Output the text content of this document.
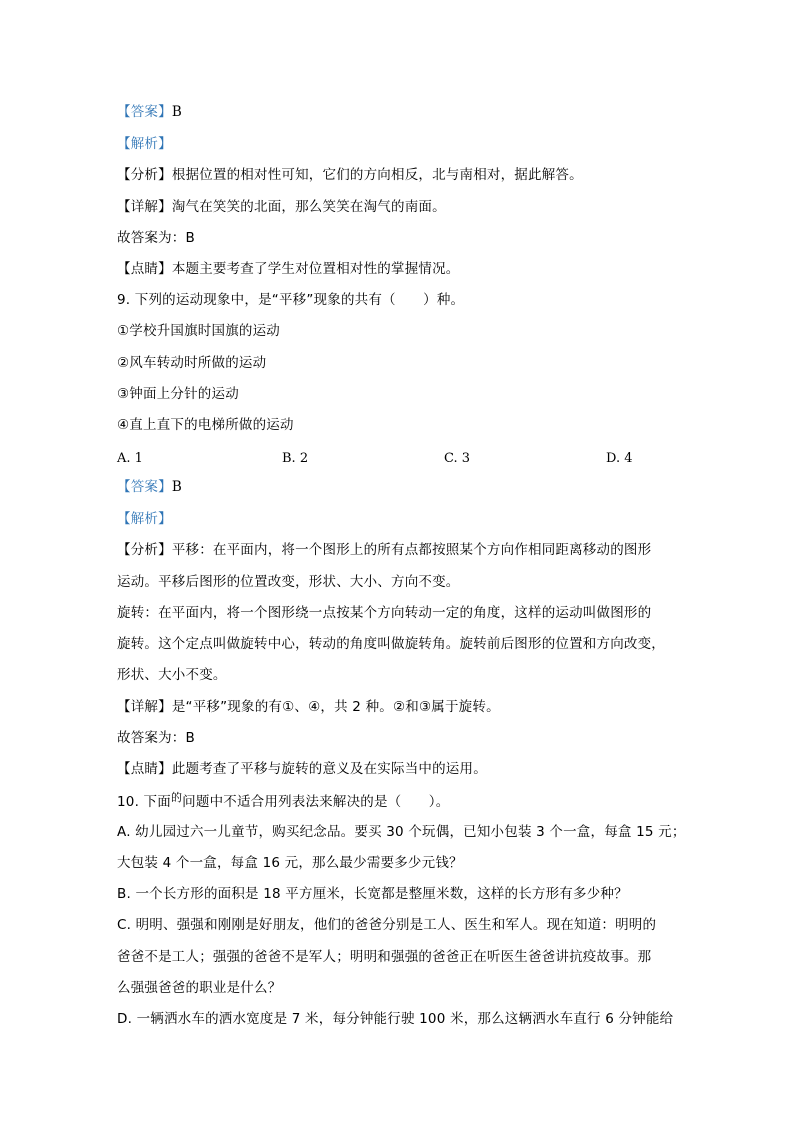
【答案】B
【解析】
【分析】根据位置的相对性可知，它们的方向相反，北与南相对，据此解答。
【详解】淘气在笑笑的北面，那么笑笑在淘气的南面。
故答案为：B
【点睛】本题主要考查了学生对位置相对性的掌握情况。
9. 下列的运动现象中，是“平移”现象的共有（　　）种。
①学校升国旗时国旗的运动
②风车转动时所做的运动
③钟面上分针的运动
④直上直下的电梯所做的运动
A. 1	B. 2	C. 3	D. 4
【答案】B
【解析】
【分析】平移：在平面内，将一个图形上的所有点都按照某个方向作相同距离移动的图形
运动。平移后图形的位置改变，形状、大小、方向不变。
旋转：在平面内，将一个图形绕一点按某个方向转动一定的角度，这样的运动叫做图形的
旋转。这个定点叫做旋转中心，转动的角度叫做旋转角。旋转前后图形的位置和方向改变，
形状、大小不变。
【详解】是“平移”现象的有①、④，共 2 种。②和③属于旋转。
故答案为：B
【点睛】此题考查了平移与旋转的意义及在实际当中的运用。
10. 下面$^的$问题中不适合用列表法来解决的是（　　）。
A. 幼儿园过六一儿童节，购买纪念品。要买 30 个玩偶，已知小包装 3 个一盒，每盒 15 元；
大包装 4 个一盒，每盒 16 元，那么最少需要多少元钱？
B. 一个长方形的面积是 18 平方厘米，长宽都是整厘米数，这样的长方形有多少种？
C. 明明、强强和刚刚是好朋友，他们的爸爸分别是工人、医生和军人。现在知道：明明的
爸爸不是工人；强强的爸爸不是军人；明明和强强的爸爸正在听医生爸爸讲抗疫故事。那
么强强爸爸的职业是什么？
D. 一辆洒水车的洒水宽度是 7 米，每分钟能行驶 100 米，那么这辆洒水车直行 6 分钟能给
